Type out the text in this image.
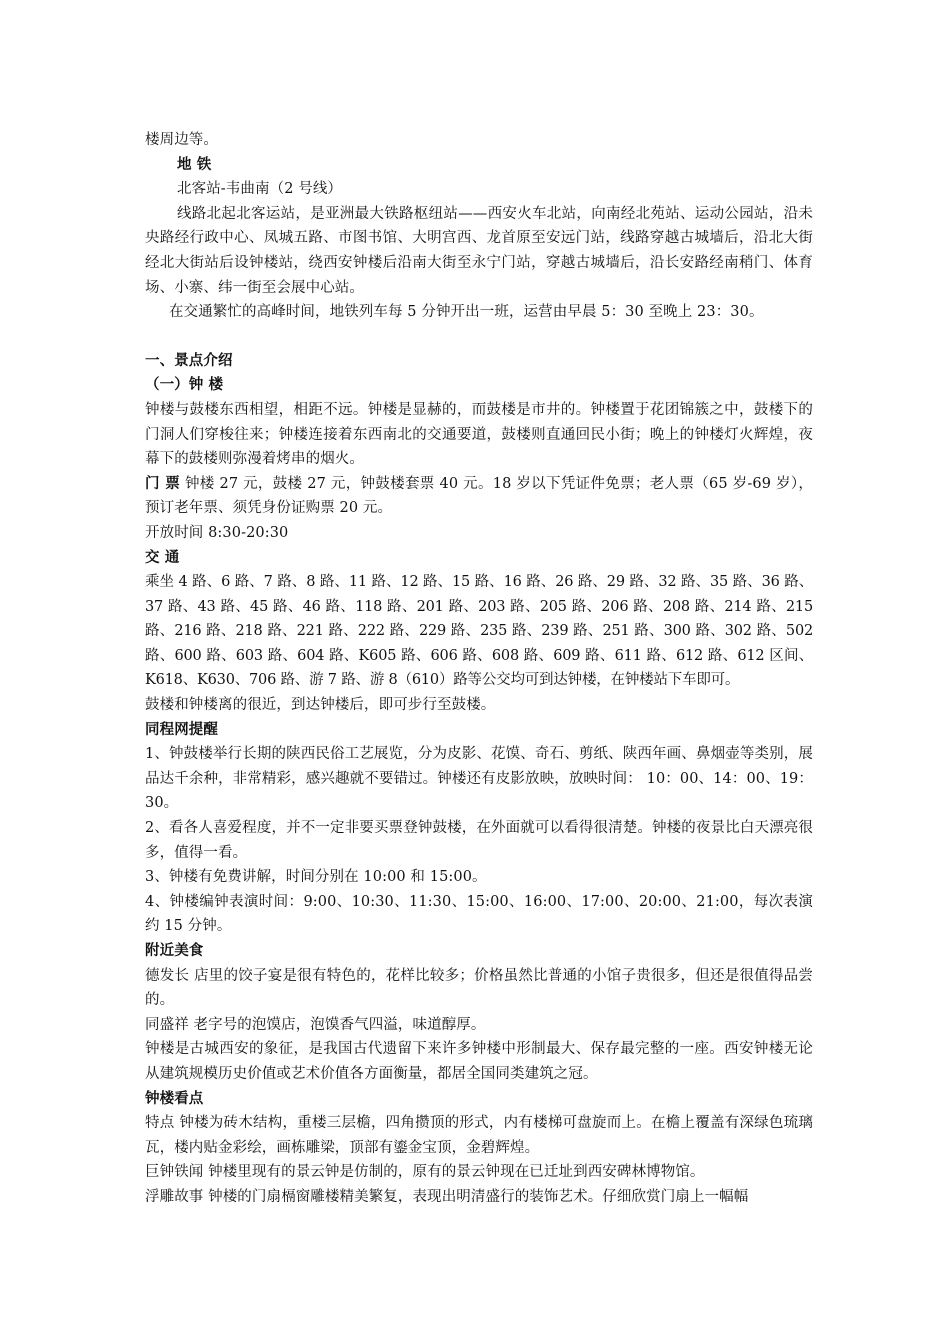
楼周边等。

地 铁

北客站-韦曲南（2 号线）

线路北起北客运站，是亚洲最大铁路枢纽站——西安火车北站，向南经北苑站、运动公园站，沿未央路经行政中心、凤城五路、市图书馆、大明宫西、龙首原至安远门站，线路穿越古城墙后，沿北大街经北大街站后设钟楼站，绕西安钟楼后沿南大街至永宁门站，穿越古城墙后，沿长安路经南稍门、体育场、小寨、纬一街至会展中心站。

在交通繁忙的高峰时间，地铁列车每 5 分钟开出一班，运营由早晨 5：30 至晚上 23：30。

一、景点介绍

（一）钟 楼

钟楼与鼓楼东西相望，相距不远。钟楼是显赫的，而鼓楼是市井的。钟楼置于花团锦簇之中，鼓楼下的门洞人们穿梭往来；钟楼连接着东西南北的交通要道，鼓楼则直通回民小街；晚上的钟楼灯火辉煌，夜幕下的鼓楼则弥漫着烤串的烟火。

门 票 钟楼 27 元，鼓楼 27 元，钟鼓楼套票 40 元。18 岁以下凭证件免票；老人票（65 岁-69 岁），预订老年票、须凭身份证购票 20 元。

开放时间 8:30-20:30

交 通

乘坐 4 路、6 路、7 路、8 路、11 路、12 路、15 路、16 路、26 路、29 路、32 路、35 路、36 路、37 路、43 路、45 路、46 路、118 路、201 路、203 路、205 路、206 路、208 路、214 路、215 路、216 路、218 路、221 路、222 路、229 路、235 路、239 路、251 路、300 路、302 路、502 路、600 路、603 路、604 路、K605 路、606 路、608 路、609 路、611 路、612 路、612 区间、K618、K630、706 路、游 7 路、游 8（610）路等公交均可到达钟楼，在钟楼站下车即可。

鼓楼和钟楼离的很近，到达钟楼后，即可步行至鼓楼。

同程网提醒

1、钟鼓楼举行长期的陕西民俗工艺展览，分为皮影、花馍、奇石、剪纸、陕西年画、鼻烟壶等类别，展品达千余种，非常精彩，感兴趣就不要错过。钟楼还有皮影放映，放映时间： 10：00、14：00、19：30。

2、看各人喜爱程度，并不一定非要买票登钟鼓楼，在外面就可以看得很清楚。钟楼的夜景比白天漂亮很多，值得一看。

3、钟楼有免费讲解，时间分别在 10:00 和 15:00。

4、钟楼编钟表演时间：9:00、10:30、11:30、15:00、16:00、17:00、20:00、21:00，每次表演约 15 分钟。

附近美食

德发长 店里的饺子宴是很有特色的，花样比较多；价格虽然比普通的小馆子贵很多，但还是很值得品尝的。

同盛祥 老字号的泡馍店，泡馍香气四溢，味道醇厚。

钟楼是古城西安的象征，是我国古代遗留下来许多钟楼中形制最大、保存最完整的一座。西安钟楼无论从建筑规模历史价值或艺术价值各方面衡量，都居全国同类建筑之冠。

钟楼看点

特点 钟楼为砖木结构，重楼三层檐，四角攒顶的形式，内有楼梯可盘旋而上。在檐上覆盖有深绿色琉璃瓦，楼内贴金彩绘，画栋雕梁，顶部有鎏金宝顶，金碧辉煌。

巨钟铁闻 钟楼里现有的景云钟是仿制的，原有的景云钟现在已迁址到西安碑林博物馆。

浮雕故事 钟楼的门扇槅窗雕楼精美繁复，表现出明清盛行的装饰艺术。仔细欣赏门扇上一幅幅
